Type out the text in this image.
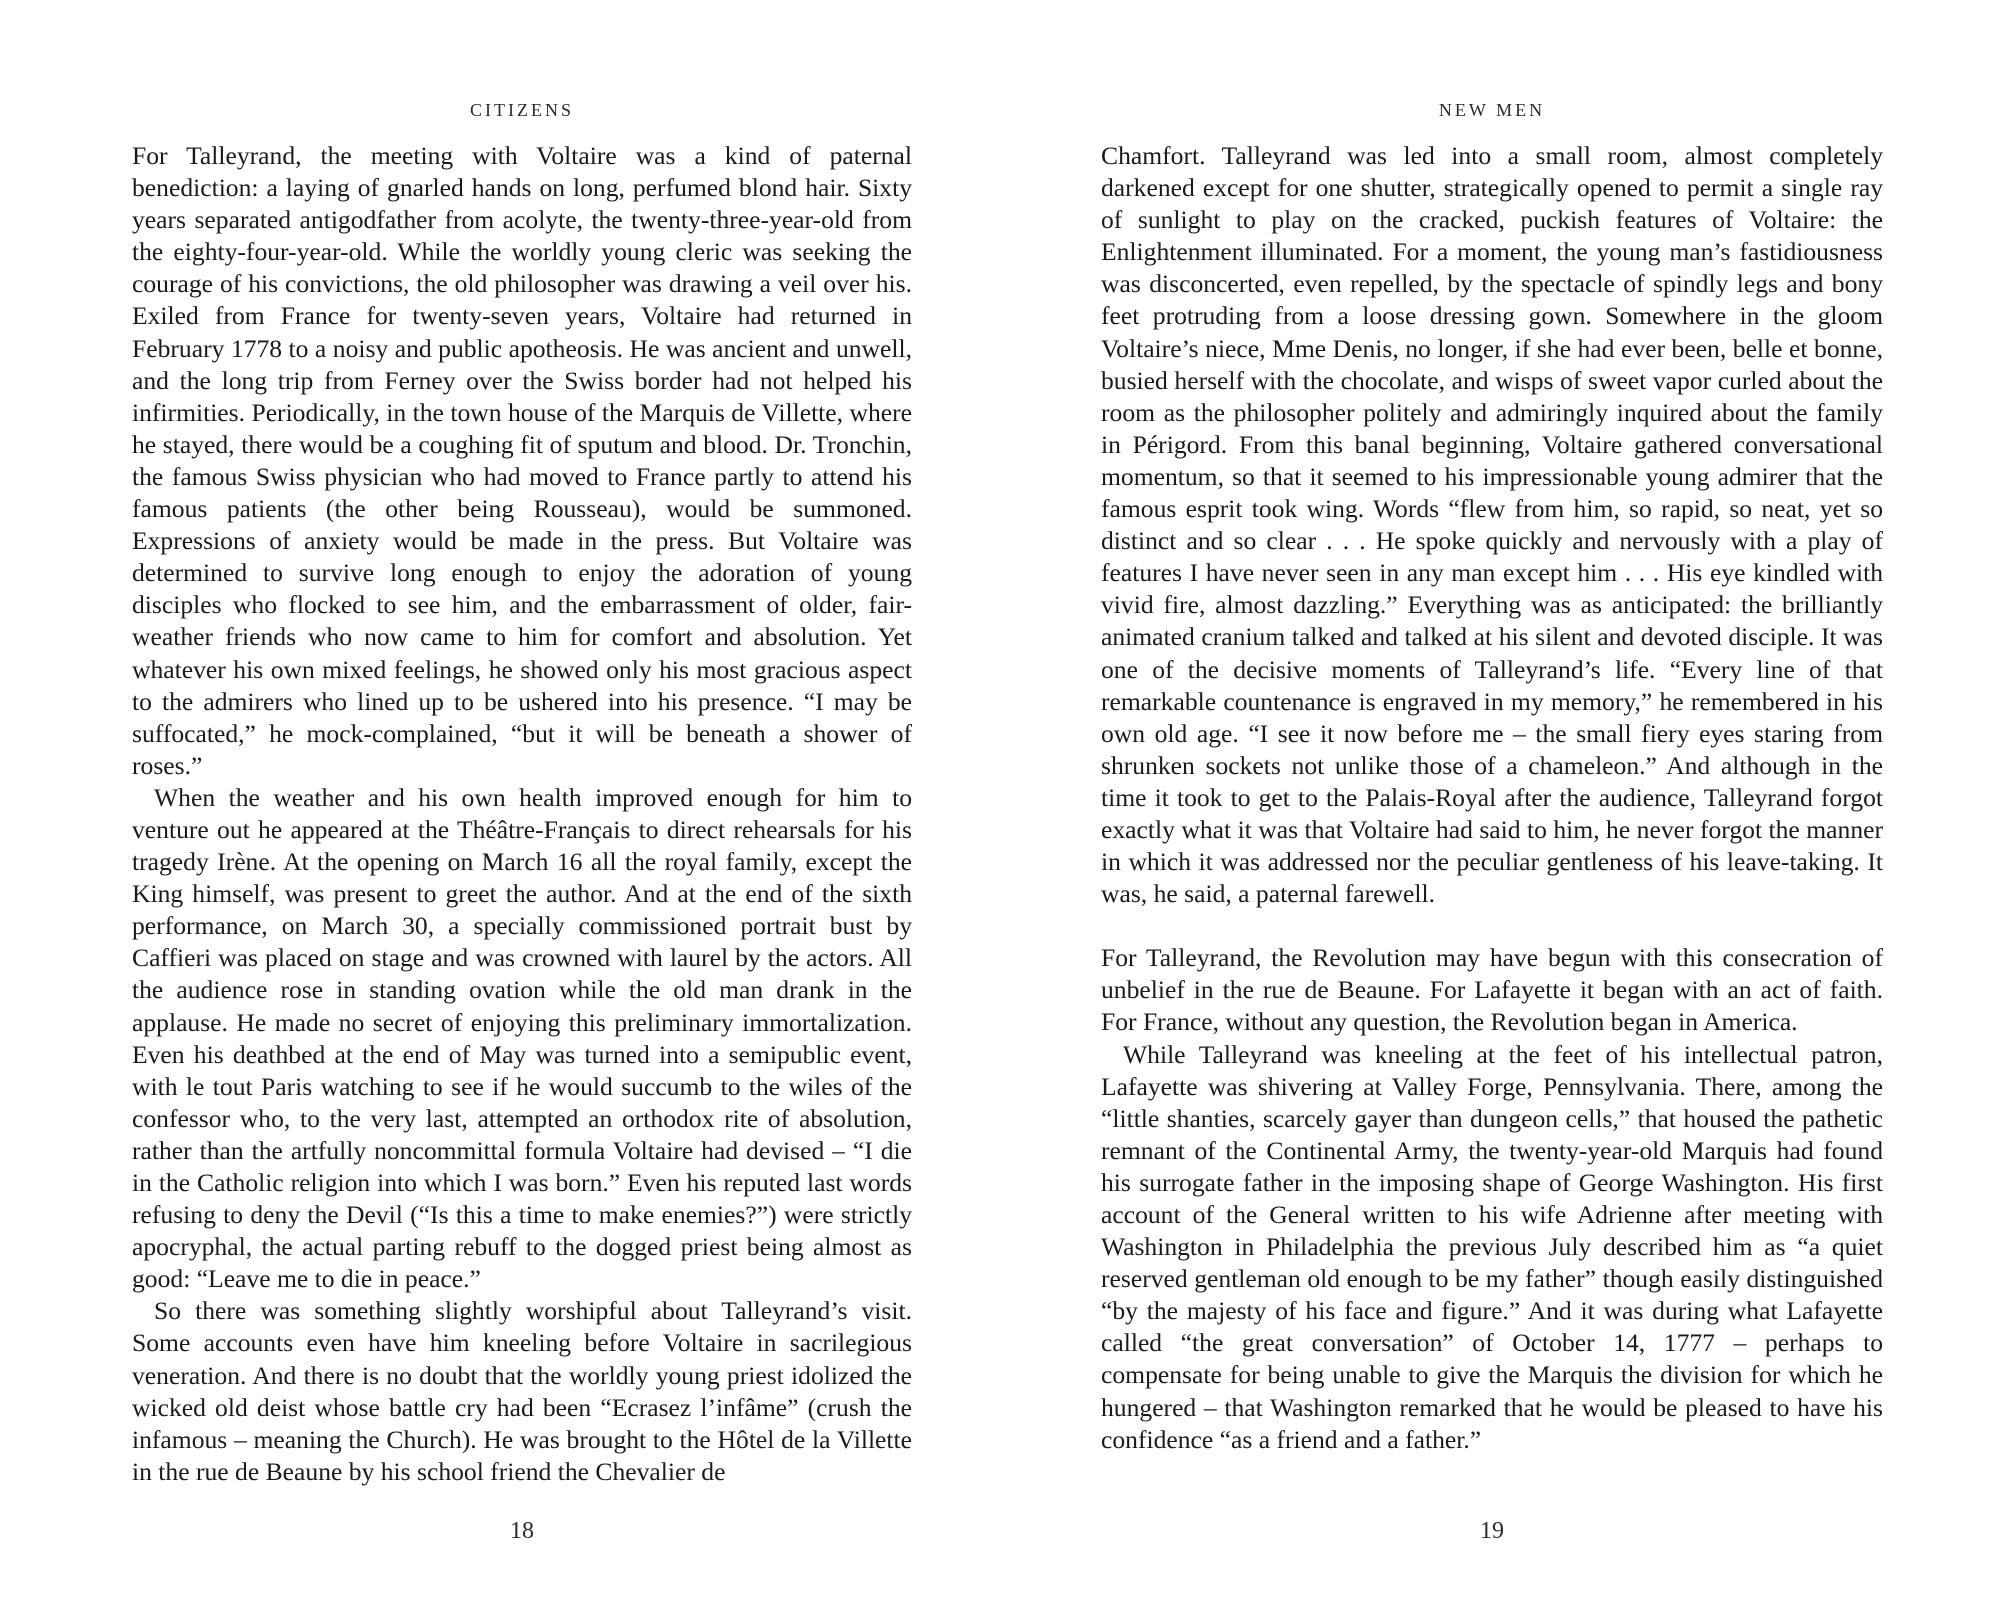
CITIZENS

For Talleyrand, the meeting with Voltaire was a kind of paternal benediction: a laying of gnarled hands on long, perfumed blond hair. Sixty years separated antigodfather from acolyte, the twenty-three-year-old from the eighty-four-year-old. While the worldly young cleric was seeking the courage of his convictions, the old philosopher was drawing a veil over his. Exiled from France for twenty-seven years, Voltaire had returned in February 1778 to a noisy and public apotheosis. He was ancient and unwell, and the long trip from Ferney over the Swiss border had not helped his infirmities. Periodically, in the town house of the Marquis de Villette, where he stayed, there would be a coughing fit of sputum and blood. Dr. Tronchin, the famous Swiss physician who had moved to France partly to attend his famous patients (the other being Rousseau), would be summoned. Expressions of anxiety would be made in the press. But Voltaire was determined to survive long enough to enjoy the adoration of young disciples who flocked to see him, and the embarrassment of older, fair-weather friends who now came to him for comfort and absolution. Yet whatever his own mixed feelings, he showed only his most gracious aspect to the admirers who lined up to be ushered into his presence. “I may be suffocated,” he mock-complained, “but it will be beneath a shower of roses.”

When the weather and his own health improved enough for him to venture out he appeared at the Théâtre-Français to direct rehearsals for his tragedy Irène. At the opening on March 16 all the royal family, except the King himself, was present to greet the author. And at the end of the sixth performance, on March 30, a specially commissioned portrait bust by Caffieri was placed on stage and was crowned with laurel by the actors. All the audience rose in standing ovation while the old man drank in the applause. He made no secret of enjoying this preliminary immortalization. Even his deathbed at the end of May was turned into a semipublic event, with le tout Paris watching to see if he would succumb to the wiles of the confessor who, to the very last, attempted an orthodox rite of absolution, rather than the artfully noncommittal formula Voltaire had devised – “I die in the Catholic religion into which I was born.” Even his reputed last words refusing to deny the Devil (“Is this a time to make enemies?”) were strictly apocryphal, the actual parting rebuff to the dogged priest being almost as good: “Leave me to die in peace.”

So there was something slightly worshipful about Talleyrand’s visit. Some accounts even have him kneeling before Voltaire in sacrilegious veneration. And there is no doubt that the worldly young priest idolized the wicked old deist whose battle cry had been “Ecrasez l’infâme” (crush the infamous – meaning the Church). He was brought to the Hôtel de la Villette in the rue de Beaune by his school friend the Chevalier de

18
NEW MEN

Chamfort. Talleyrand was led into a small room, almost completely darkened except for one shutter, strategically opened to permit a single ray of sunlight to play on the cracked, puckish features of Voltaire: the Enlightenment illuminated. For a moment, the young man’s fastidiousness was disconcerted, even repelled, by the spectacle of spindly legs and bony feet protruding from a loose dressing gown. Somewhere in the gloom Voltaire’s niece, Mme Denis, no longer, if she had ever been, belle et bonne, busied herself with the chocolate, and wisps of sweet vapor curled about the room as the philosopher politely and admiringly inquired about the family in Périgord. From this banal beginning, Voltaire gathered conversational momentum, so that it seemed to his impressionable young admirer that the famous esprit took wing. Words “flew from him, so rapid, so neat, yet so distinct and so clear . . . He spoke quickly and nervously with a play of features I have never seen in any man except him . . . His eye kindled with vivid fire, almost dazzling.” Everything was as anticipated: the brilliantly animated cranium talked and talked at his silent and devoted disciple. It was one of the decisive moments of Talleyrand’s life. “Every line of that remarkable countenance is engraved in my memory,” he remembered in his own old age. “I see it now before me – the small fiery eyes staring from shrunken sockets not unlike those of a chameleon.” And although in the time it took to get to the Palais-Royal after the audience, Talleyrand forgot exactly what it was that Voltaire had said to him, he never forgot the manner in which it was addressed nor the peculiar gentleness of his leave-taking. It was, he said, a paternal farewell.

For Talleyrand, the Revolution may have begun with this consecration of unbelief in the rue de Beaune. For Lafayette it began with an act of faith. For France, without any question, the Revolution began in America.

While Talleyrand was kneeling at the feet of his intellectual patron, Lafayette was shivering at Valley Forge, Pennsylvania. There, among the “little shanties, scarcely gayer than dungeon cells,” that housed the pathetic remnant of the Continental Army, the twenty-year-old Marquis had found his surrogate father in the imposing shape of George Washington. His first account of the General written to his wife Adrienne after meeting with Washington in Philadelphia the previous July described him as “a quiet reserved gentleman old enough to be my father” though easily distinguished “by the majesty of his face and figure.” And it was during what Lafayette called “the great conversation” of October 14, 1777 – perhaps to compensate for being unable to give the Marquis the division for which he hungered – that Washington remarked that he would be pleased to have his confidence “as a friend and a father.”

19
